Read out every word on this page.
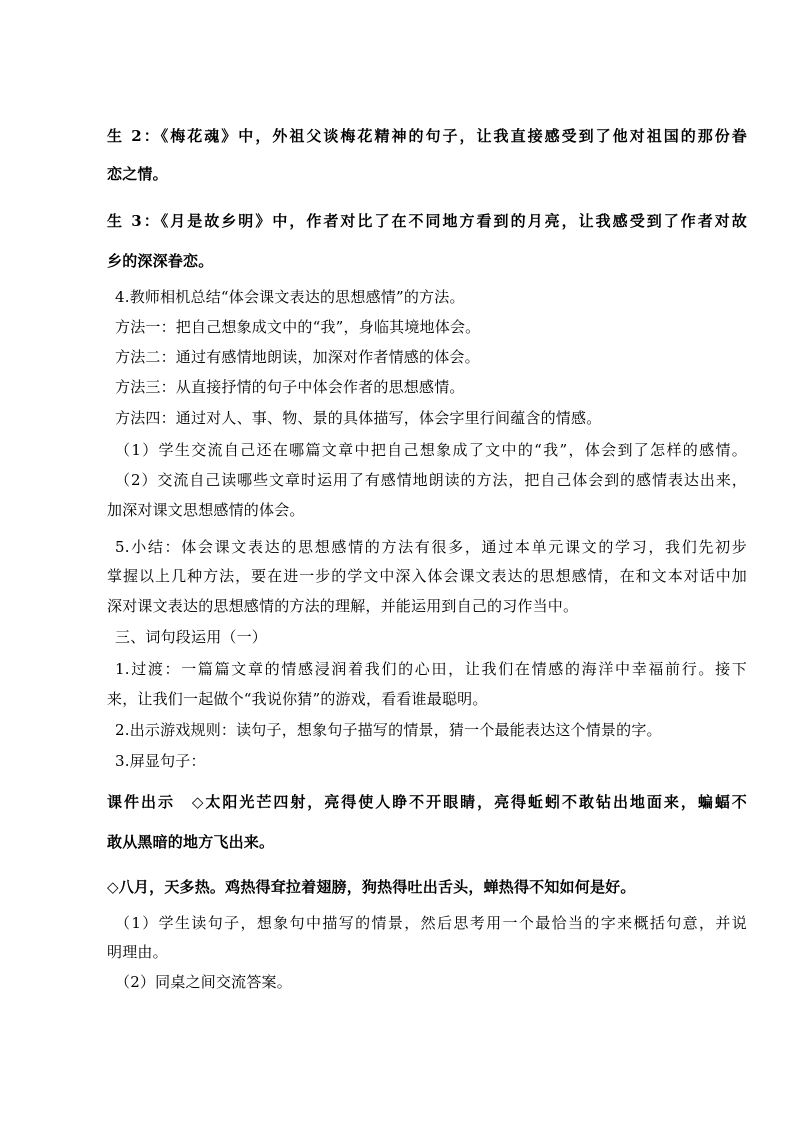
生 2：《梅花魂》中，外祖父谈梅花精神的句子，让我直接感受到了他对祖国的那份眷
恋之情。
生 3：《月是故乡明》中，作者对比了在不同地方看到的月亮，让我感受到了作者对故
乡的深深眷恋。
4.教师相机总结“体会课文表达的思想感情”的方法。
方法一：把自己想象成文中的“我”，身临其境地体会。
方法二：通过有感情地朗读，加深对作者情感的体会。
方法三：从直接抒情的句子中体会作者的思想感情。
方法四：通过对人、事、物、景的具体描写，体会字里行间蕴含的情感。
（1）学生交流自己还在哪篇文章中把自己想象成了文中的“我”，体会到了怎样的感情。
（2）交流自己读哪些文章时运用了有感情地朗读的方法，把自己体会到的感情表达出来，
加深对课文思想感情的体会。
5.小结：体会课文表达的思想感情的方法有很多，通过本单元课文的学习，我们先初步
掌握以上几种方法，要在进一步的学文中深入体会课文表达的思想感情，在和文本对话中加
深对课文表达的思想感情的方法的理解，并能运用到自己的习作当中。
三、词句段运用（一）
1.过渡：一篇篇文章的情感浸润着我们的心田，让我们在情感的海洋中幸福前行。接下
来，让我们一起做个“我说你猜”的游戏，看看谁最聪明。
2.出示游戏规则：读句子，想象句子描写的情景，猜一个最能表达这个情景的字。
3.屏显句子：
课件出示　◇太阳光芒四射，亮得使人睁不开眼睛，亮得蚯蚓不敢钻出地面来，蝙蝠不
敢从黑暗的地方飞出来。
◇八月，天多热。鸡热得耷拉着翅膀，狗热得吐出舌头，蝉热得不知如何是好。
（1）学生读句子，想象句中描写的情景，然后思考用一个最恰当的字来概括句意，并说
明理由。
（2）同桌之间交流答案。
